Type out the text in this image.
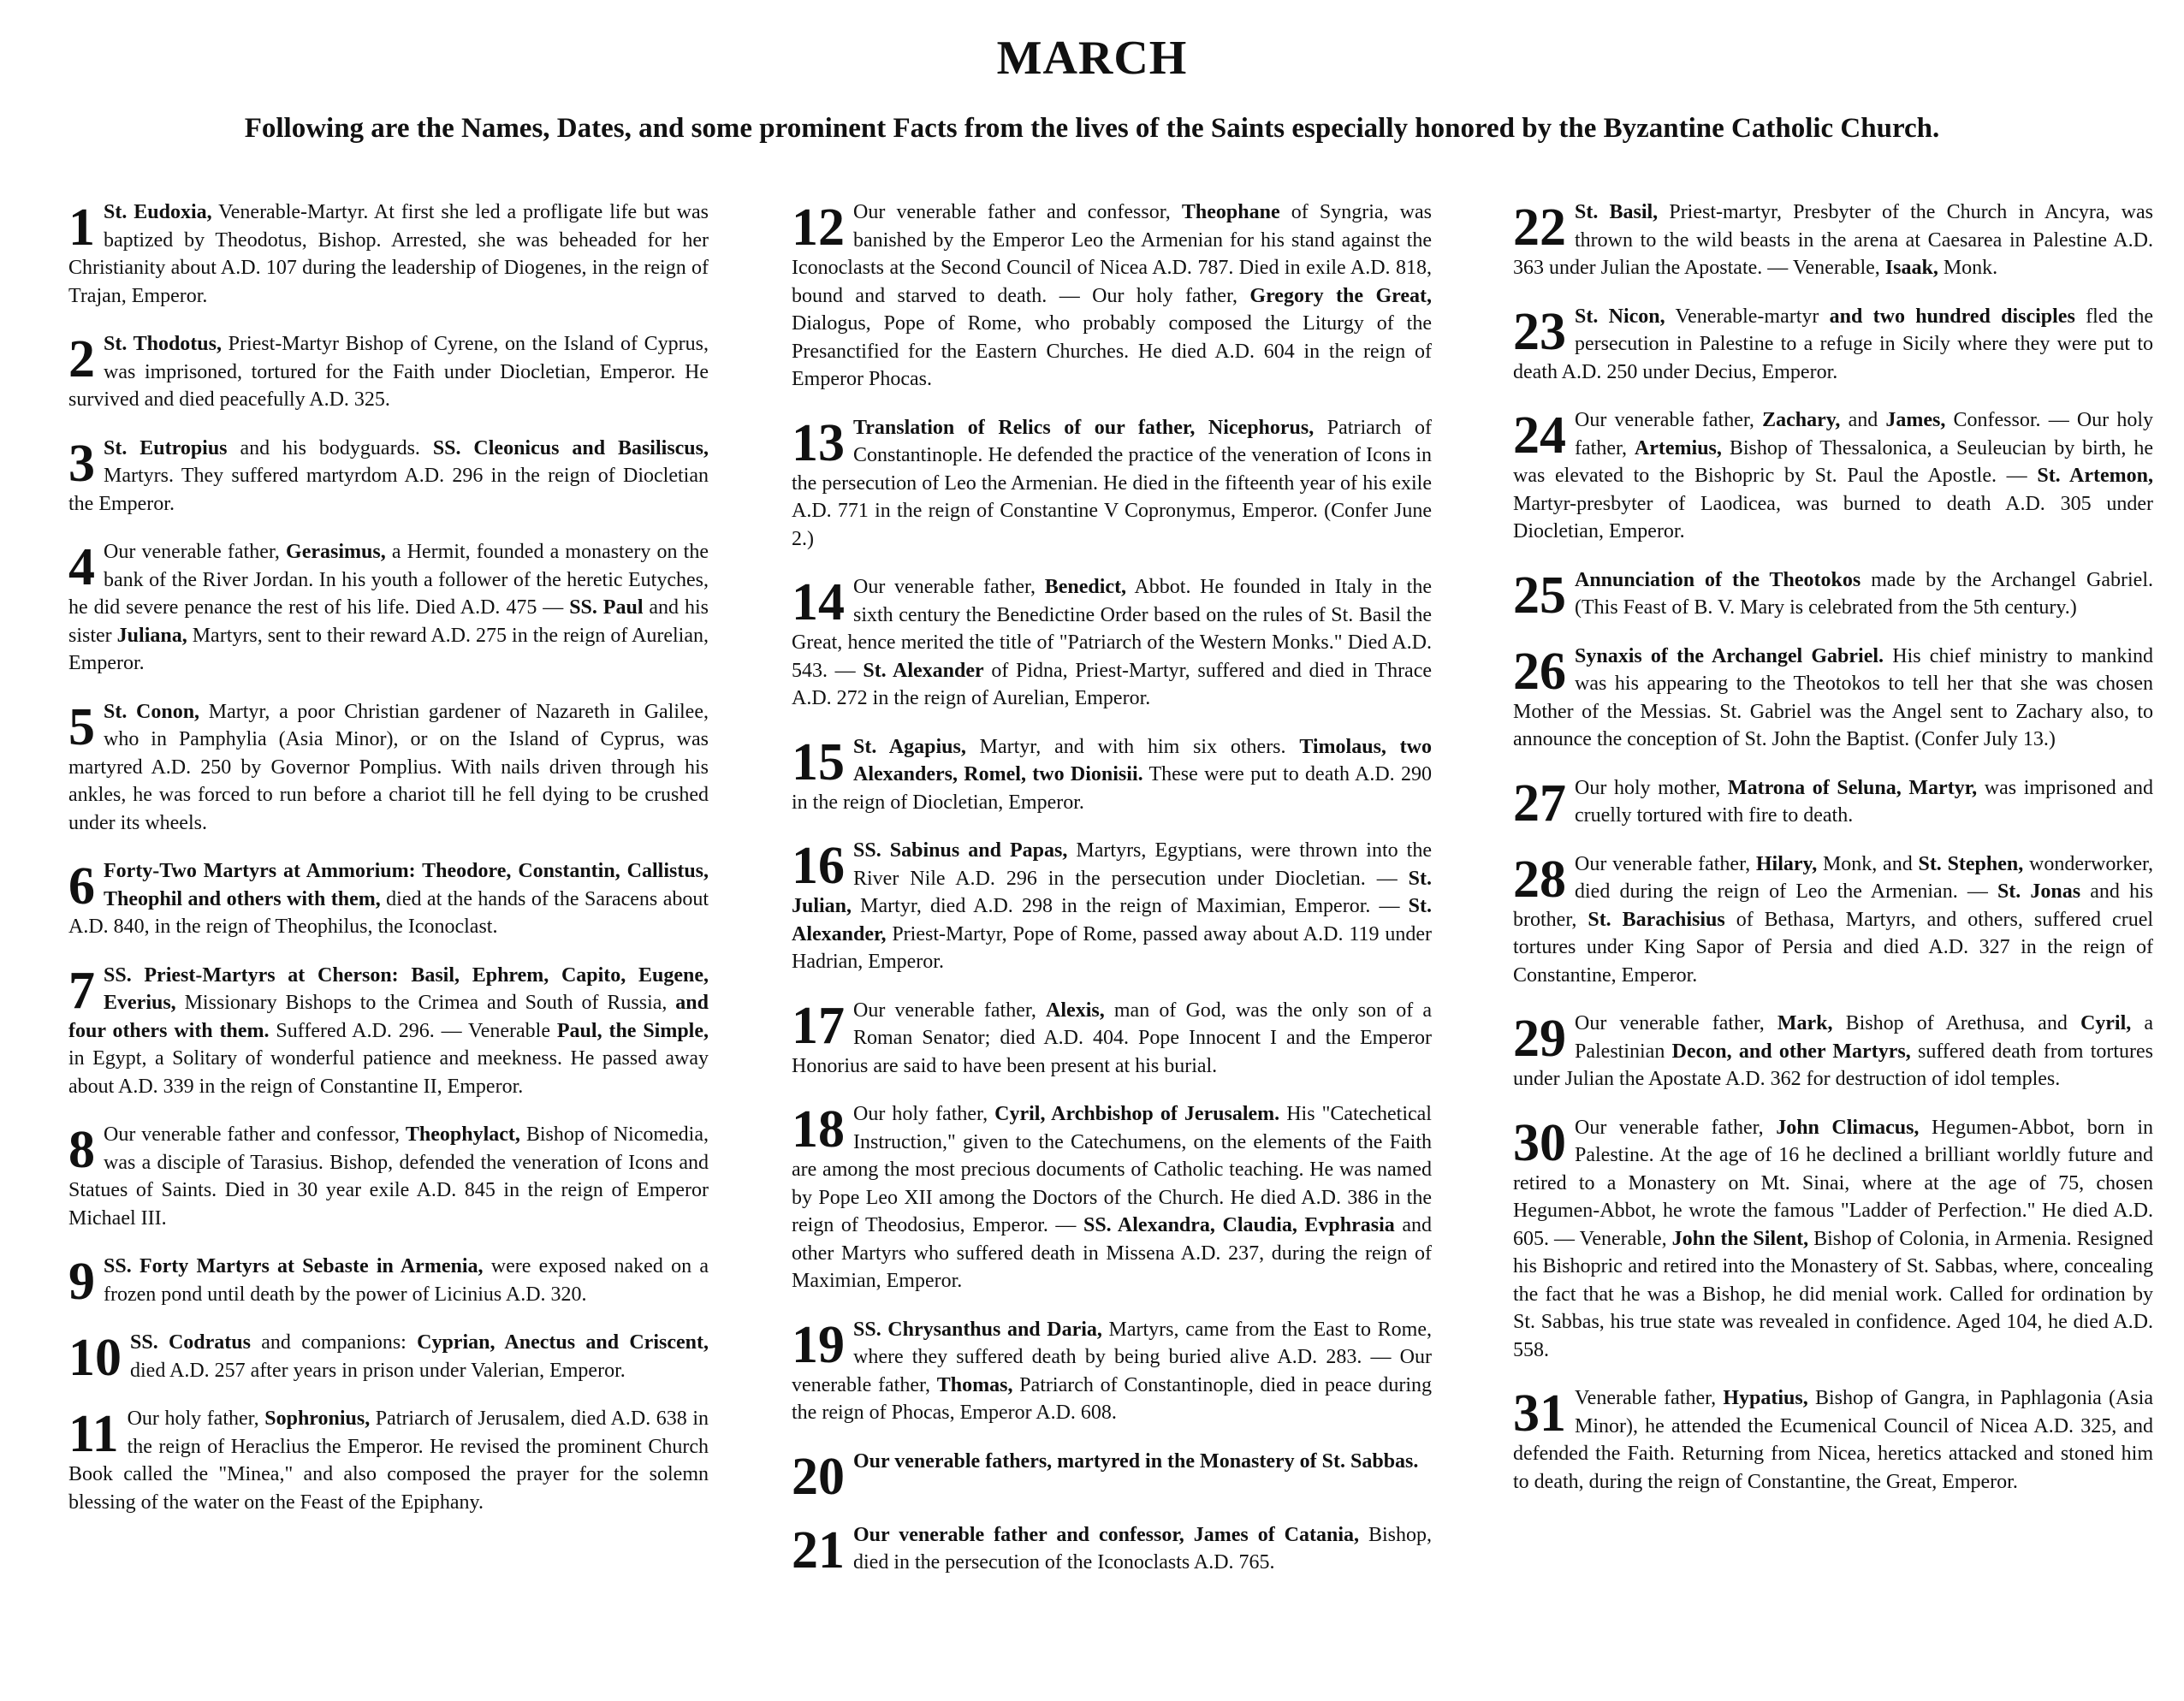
MARCH
Following are the Names, Dates, and some prominent Facts from the lives of the Saints especially honored by the Byzantine Catholic Church.

1 St. Eudoxia, Venerable-Martyr. At first she led a profligate life but was baptized by Theodotus, Bishop. Arrested, she was beheaded for her Christianity about A.D. 107 during the leadership of Diogenes, in the reign of Trajan, Emperor.

2 St. Thodotus, Priest-Martyr Bishop of Cyrene, on the Island of Cyprus, was imprisoned, tortured for the Faith under Diocletian, Emperor. He survived and died peacefully A.D. 325.

3 St. Eutropius and his bodyguards. SS. Cleonicus and Basiliscus, Martyrs. They suffered martyrdom A.D. 296 in the reign of Diocletian the Emperor.

4 Our venerable father, Gerasimus, a Hermit, founded a monastery on the bank of the River Jordan. In his youth a follower of the heretic Eutyches, he did severe penance the rest of his life. Died A.D. 475 — SS. Paul and his sister Juliana, Martyrs, sent to their reward A.D. 275 in the reign of Aurelian, Emperor.

5 St. Conon, Martyr, a poor Christian gardener of Nazareth in Galilee, who in Pamphylia (Asia Minor), or on the Island of Cyprus, was martyred A.D. 250 by Governor Pomplius. With nails driven through his ankles, he was forced to run before a chariot till he fell dying to be crushed under its wheels.

6 Forty-Two Martyrs at Ammorium: Theodore, Constantin, Callistus, Theophil and others with them, died at the hands of the Saracens about A.D. 840, in the reign of Theophilus, the Iconoclast.

7 SS. Priest-Martyrs at Cherson: Basil, Ephrem, Capito, Eugene, Everius, Missionary Bishops to the Crimea and South of Russia, and four others with them. Suffered A.D. 296. — Venerable Paul, the Simple, in Egypt, a Solitary of wonderful patience and meekness. He passed away about A.D. 339 in the reign of Constantine II, Emperor.

8 Our venerable father and confessor, Theophylact, Bishop of Nicomedia, was a disciple of Tarasius. Bishop, defended the veneration of Icons and Statues of Saints. Died in 30 year exile A.D. 845 in the reign of Emperor Michael III.

9 SS. Forty Martyrs at Sebaste in Armenia, were exposed naked on a frozen pond until death by the power of Licinius A.D. 320.

10 SS. Codratus and companions: Cyprian, Anectus and Criscent, died A.D. 257 after years in prison under Valerian, Emperor.

11 Our holy father, Sophronius, Patriarch of Jerusalem, died A.D. 638 in the reign of Heraclius the Emperor. He revised the prominent Church Book called the "Minea," and also composed the prayer for the solemn blessing of the water on the Feast of the Epiphany.

12 Our venerable father and confessor, Theophane of Syngria, was banished by the Emperor Leo the Armenian for his stand against the Iconoclasts at the Second Council of Nicea A.D. 787. Died in exile A.D. 818, bound and starved to death. — Our holy father, Gregory the Great, Dialogus, Pope of Rome, who probably composed the Liturgy of the Presanctified for the Eastern Churches. He died A.D. 604 in the reign of Emperor Phocas.

13 Translation of Relics of our father, Nicephorus, Patriarch of Constantinople. He defended the practice of the veneration of Icons in the persecution of Leo the Armenian. He died in the fifteenth year of his exile A.D. 771 in the reign of Constantine V Copronymus, Emperor. (Confer June 2.)

14 Our venerable father, Benedict, Abbot. He founded in Italy in the sixth century the Benedictine Order based on the rules of St. Basil the Great, hence merited the title of "Patriarch of the Western Monks." Died A.D. 543. — St. Alexander of Pidna, Priest-Martyr, suffered and died in Thrace A.D. 272 in the reign of Aurelian, Emperor.

15 St. Agapius, Martyr, and with him six others. Timolaus, two Alexanders, Romel, two Dionisii. These were put to death A.D. 290 in the reign of Diocletian, Emperor.

16 SS. Sabinus and Papas, Martyrs, Egyptians, were thrown into the River Nile A.D. 296 in the persecution under Diocletian. — St. Julian, Martyr, died A.D. 298 in the reign of Maximian, Emperor. — St. Alexander, Priest-Martyr, Pope of Rome, passed away about A.D. 119 under Hadrian, Emperor.

17 Our venerable father, Alexis, man of God, was the only son of a Roman Senator; died A.D. 404. Pope Innocent I and the Emperor Honorius are said to have been present at his burial.

18 Our holy father, Cyril, Archbishop of Jerusalem. His "Catechetical Instruction," given to the Catechumens, on the elements of the Faith are among the most precious documents of Catholic teaching. He was named by Pope Leo XII among the Doctors of the Church. He died A.D. 386 in the reign of Theodosius, Emperor. — SS. Alexandra, Claudia, Evphrasia and other Martyrs who suffered death in Missena A.D. 237, during the reign of Maximian, Emperor.

19 SS. Chrysanthus and Daria, Martyrs, came from the East to Rome, where they suffered death by being buried alive A.D. 283. — Our venerable father, Thomas, Patriarch of Constantinople, died in peace during the reign of Phocas, Emperor A.D. 608.

20 Our venerable fathers, martyred in the Monastery of St. Sabbas.

21 Our venerable father and confessor, James of Catania, Bishop, died in the persecution of the Iconoclasts A.D. 765.

22 St. Basil, Priest-martyr, Presbyter of the Church in Ancyra, was thrown to the wild beasts in the arena at Caesarea in Palestine A.D. 363 under Julian the Apostate. — Venerable, Isaak, Monk.

23 St. Nicon, Venerable-martyr and two hundred disciples fled the persecution in Palestine to a refuge in Sicily where they were put to death A.D. 250 under Decius, Emperor.

24 Our venerable father, Zachary, and James, Confessor. — Our holy father, Artemius, Bishop of Thessalonica, a Seuleucian by birth, he was elevated to the Bishopric by St. Paul the Apostle. — St. Artemon, Martyr-presbyter of Laodicea, was burned to death A.D. 305 under Diocletian, Emperor.

25 Annunciation of the Theotokos made by the Archangel Gabriel. (This Feast of B. V. Mary is celebrated from the 5th century.)

26 Synaxis of the Archangel Gabriel. His chief ministry to mankind was his appearing to the Theotokos to tell her that she was chosen Mother of the Messias. St. Gabriel was the Angel sent to Zachary also, to announce the conception of St. John the Baptist. (Confer July 13.)

27 Our holy mother, Matrona of Seluna, Martyr, was imprisoned and cruelly tortured with fire to death.

28 Our venerable father, Hilary, Monk, and St. Stephen, wonderworker, died during the reign of Leo the Armenian. — St. Jonas and his brother, St. Barachisius of Bethasa, Martyrs, and others, suffered cruel tortures under King Sapor of Persia and died A.D. 327 in the reign of Constantine, Emperor.

29 Our venerable father, Mark, Bishop of Arethusa, and Cyril, a Palestinian Decon, and other Martyrs, suffered death from tortures under Julian the Apostate A.D. 362 for destruction of idol temples.

30 Our venerable father, John Climacus, Hegumen-Abbot, born in Palestine. At the age of 16 he declined a brilliant worldly future and retired to a Monastery on Mt. Sinai, where at the age of 75, chosen Hegumen-Abbot, he wrote the famous "Ladder of Perfection." He died A.D. 605. — Venerable, John the Silent, Bishop of Colonia, in Armenia. Resigned his Bishopric and retired into the Monastery of St. Sabbas, where, concealing the fact that he was a Bishop, he did menial work. Called for ordination by St. Sabbas, his true state was revealed in confidence. Aged 104, he died A.D. 558.

31 Venerable father, Hypatius, Bishop of Gangra, in Paphlagonia (Asia Minor), he attended the Ecumenical Council of Nicea A.D. 325, and defended the Faith. Returning from Nicea, heretics attacked and stoned him to death, during the reign of Constantine, the Great, Emperor.
